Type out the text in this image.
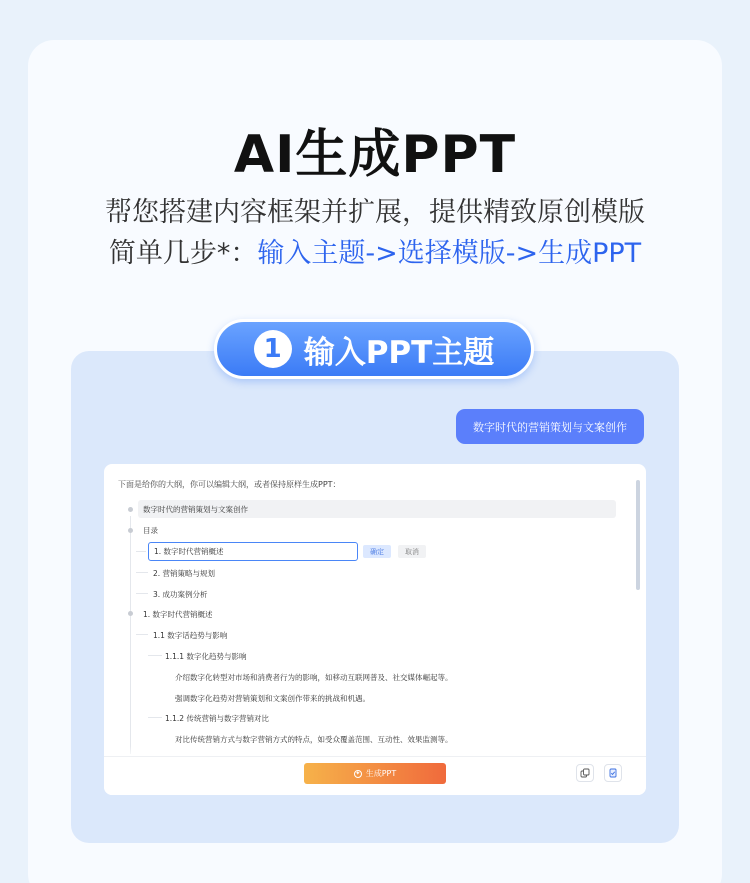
AI生成PPT
帮您搭建内容框架并扩展，提供精致原创模版
简单几步*：输入主题->选择模版->生成PPT
1 输入PPT主题
数字时代的营销策划与文案创作
下面是给你的大纲，你可以编辑大纲，或者保持原样生成PPT：
数字时代的营销策划与文案创作
目录
1. 数字时代营销概述	确定	取消
2. 营销策略与规划
3. 成功案例分析
1. 数字时代营销概述
1.1 数字话趋势与影响
1.1.1 数字化趋势与影响
介绍数字化转型对市场和消费者行为的影响，如移动互联网普及、社交媒体崛起等。
强调数字化趋势对营销策划和文案创作带来的挑战和机遇。
1.1.2 传统营销与数字营销对比
对比传统营销方式与数字营销方式的特点，如受众覆盖范围、互动性、效果监测等。
✦ 生成PPT
